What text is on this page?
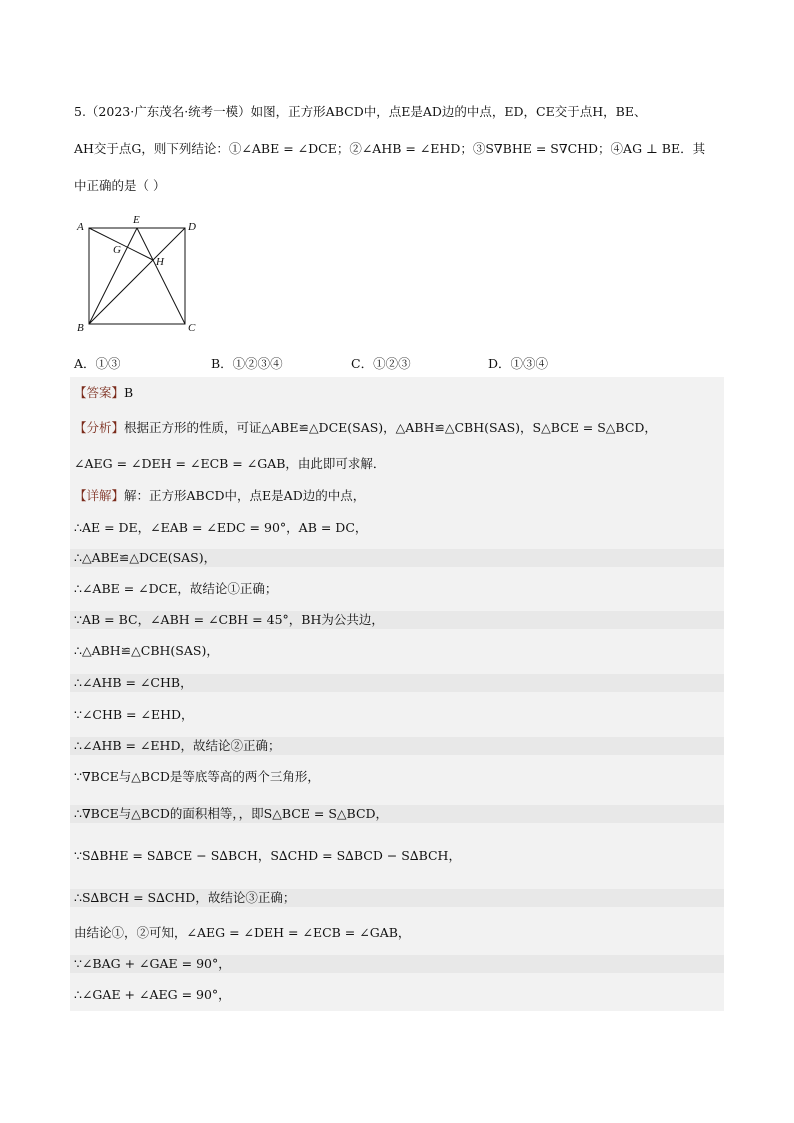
5.（2023·广东茂名·统考一模）如图，正方形ABCD中，点E是AD边的中点，ED，CE交于点H，BE、
AH交于点G，则下列结论：①∠ABE = ∠DCE；②∠AHB = ∠EHD；③S∇BHE = S∇CHD；④AG ⊥ BE．其
中正确的是（ ）
A
E
D
G
H
B	C
A．①③	B．①②③④	C．①②③	D．①③④
【答案】B
【分析】根据正方形的性质，可证△ABE≌△DCE(SAS)，△ABH≌△CBH(SAS)，S△BCE = S△BCD，
∠AEG = ∠DEH = ∠ECB = ∠GAB，由此即可求解．
【详解】解：正方形ABCD中，点E是AD边的中点，
∴AE = DE，∠EAB = ∠EDC = 90°，AB = DC，
∴△ABE≌△DCE(SAS)，
∴∠ABE = ∠DCE，故结论①正确；
∵AB = BC，∠ABH = ∠CBH = 45°，BH为公共边，
∴△ABH≌△CBH(SAS)，
∴∠AHB = ∠CHB，
∵∠CHB = ∠EHD，
∴∠AHB = ∠EHD，故结论②正确；
∵∇BCE与△BCD是等底等高的两个三角形，
∴∇BCE与△BCD的面积相等，，即S△BCE = S△BCD，
∵S∆BHE = S∆BCE − S∆BCH，S∆CHD = S∆BCD − S∆BCH，
∴S∆BCH = S∆CHD，故结论③正确；
由结论①，②可知，∠AEG = ∠DEH = ∠ECB = ∠GAB，
∵∠BAG + ∠GAE = 90°，
∴∠GAE + ∠AEG = 90°，
